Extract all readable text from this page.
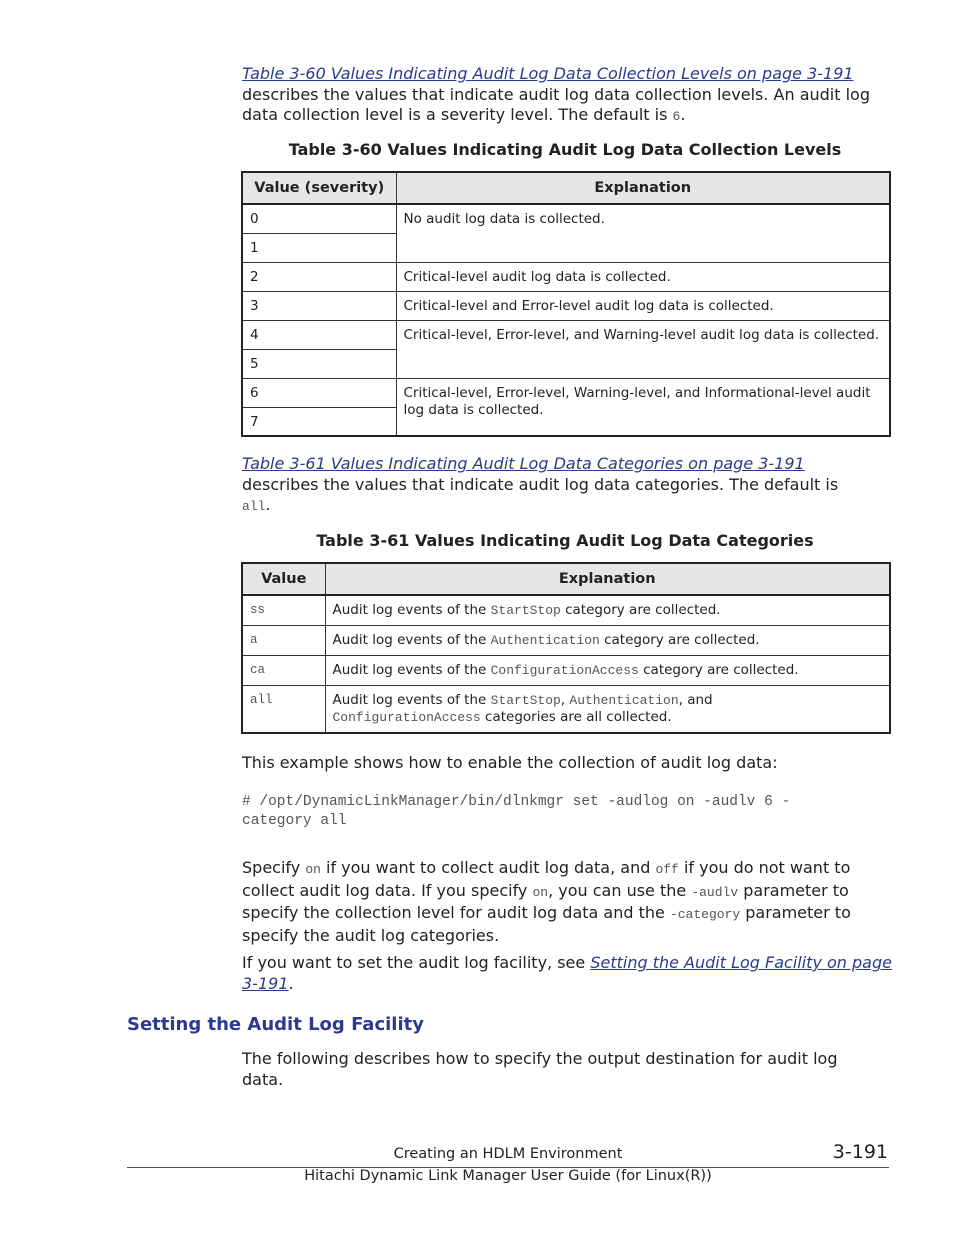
Table 3-60 Values Indicating Audit Log Data Collection Levels on page 3-191
describes the values that indicate audit log data collection levels. An audit log data collection level is a severity level. The default is 6.
Table 3-60 Values Indicating Audit Log Data Collection Levels
Value (severity)	Explanation
0	No audit log data is collected.
1	
2	Critical-level audit log data is collected.
3	Critical-level and Error-level audit log data is collected.
4	Critical-level, Error-level, and Warning-level audit log data is collected.
5	
6	Critical-level, Error-level, Warning-level, and Informational-level audit log data is collected.
7	
Table 3-61 Values Indicating Audit Log Data Categories on page 3-191
describes the values that indicate audit log data categories. The default is
all.
Table 3-61 Values Indicating Audit Log Data Categories
Value	Explanation
ss	Audit log events of the StartStop category are collected.
a	Audit log events of the Authentication category are collected.
ca	Audit log events of the ConfigurationAccess category are collected.
all	Audit log events of the StartStop, Authentication, and
ConfigurationAccess categories are all collected.
This example shows how to enable the collection of audit log data:
# /opt/DynamicLinkManager/bin/dlnkmgr set -audlog on -audlv 6 -
category all
Specify on if you want to collect audit log data, and off if you do not want to collect audit log data. If you specify on, you can use the -audlv parameter to specify the collection level for audit log data and the -category parameter to specify the audit log categories.
If you want to set the audit log facility, see Setting the Audit Log Facility on page 3-191.
Setting the Audit Log Facility
The following describes how to specify the output destination for audit log data.
Creating an HDLM Environment	3-191
Hitachi Dynamic Link Manager User Guide (for Linux(R))
